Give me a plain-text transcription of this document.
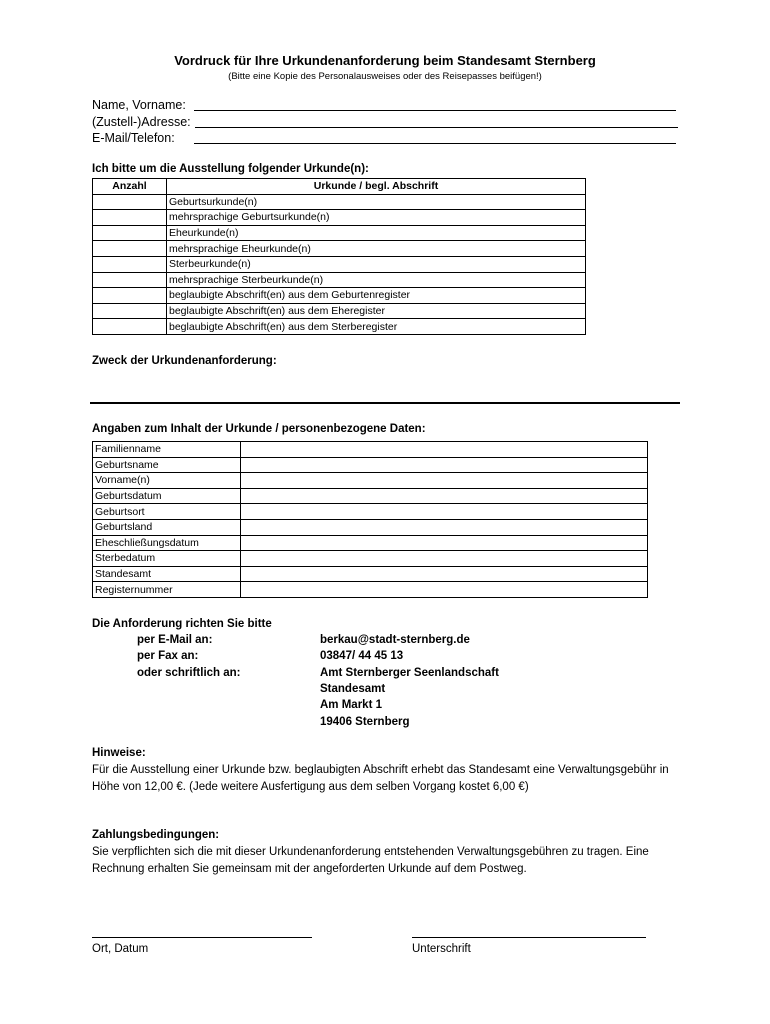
Vordruck für Ihre Urkundenanforderung beim Standesamt Sternberg
(Bitte eine Kopie des Personalausweises oder des Reisepasses beifügen!)
Name, Vorname:
(Zustell-)Adresse:
E-Mail/Telefon:
Ich bitte um die Ausstellung folgender Urkunde(n):
Anzahl	Urkunde / begl. Abschrift
	Geburtsurkunde(n)
	mehrsprachige Geburtsurkunde(n)
	Eheurkunde(n)
	mehrsprachige Eheurkunde(n)
	Sterbeurkunde(n)
	mehrsprachige Sterbeurkunde(n)
	beglaubigte Abschrift(en) aus dem Geburtenregister
	beglaubigte Abschrift(en) aus dem Eheregister
	beglaubigte Abschrift(en) aus dem Sterberegister
Zweck der Urkundenanforderung:
Angaben zum Inhalt der Urkunde / personenbezogene Daten:
Familienname	
Geburtsname	
Vorname(n)	
Geburtsdatum	
Geburtsort	
Geburtsland	
Eheschließungsdatum	
Sterbedatum	
Standesamt	
Registernummer	
Die Anforderung richten Sie bitte
per E-Mail an:	berkau@stadt-sternberg.de
per Fax an:	03847/ 44 45 13
oder schriftlich an:	Amt Sternberger Seenlandschaft
Standesamt
Am Markt 1
19406 Sternberg
Hinweise:
Für die Ausstellung einer Urkunde bzw. beglaubigten Abschrift erhebt das Standesamt eine Verwaltungsgebühr in Höhe von 12,00 €. (Jede weitere Ausfertigung aus dem selben Vorgang kostet 6,00 €)
Zahlungsbedingungen:
Sie verpflichten sich die mit dieser Urkundenanforderung entstehenden Verwaltungsgebühren zu tragen. Eine Rechnung erhalten Sie gemeinsam mit der angeforderten Urkunde auf dem Postweg.
Ort, Datum	Unterschrift
